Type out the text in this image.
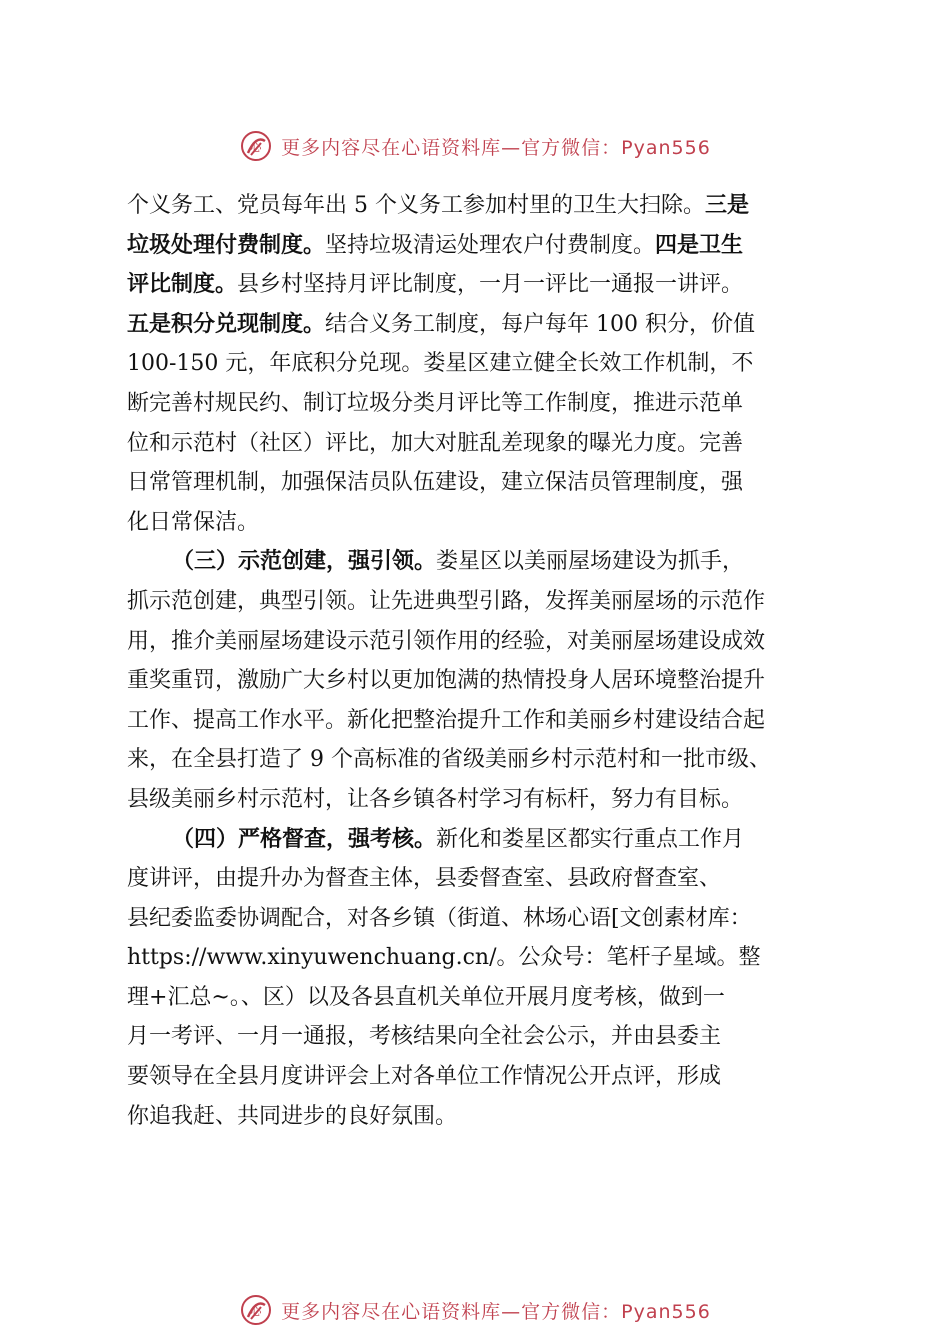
心 更多内容尽在心语资料库—官方微信：Pyan556
个义务工、党员每年出 5 个义务工参加村里的卫生大扫除。三是
垃圾处理付费制度。坚持垃圾清运处理农户付费制度。四是卫生
评比制度。县乡村坚持月评比制度，一月一评比一通报一讲评。
五是积分兑现制度。结合义务工制度，每户每年 100 积分，价值
100-150 元，年底积分兑现。娄星区建立健全长效工作机制，不
断完善村规民约、制订垃圾分类月评比等工作制度，推进示范单
位和示范村（社区）评比，加大对脏乱差现象的曝光力度。完善
日常管理机制，加强保洁员队伍建设，建立保洁员管理制度，强
化日常保洁。
（三）示范创建，强引领。娄星区以美丽屋场建设为抓手，
抓示范创建，典型引领。让先进典型引路，发挥美丽屋场的示范作
用，推介美丽屋场建设示范引领作用的经验，对美丽屋场建设成效
重奖重罚，激励广大乡村以更加饱满的热情投身人居环境整治提升
工作、提高工作水平。新化把整治提升工作和美丽乡村建设结合起
来，在全县打造了 9 个高标准的省级美丽乡村示范村和一批市级、
县级美丽乡村示范村，让各乡镇各村学习有标杆，努力有目标。
（四）严格督查，强考核。新化和娄星区都实行重点工作月
度讲评，由提升办为督查主体，县委督查室、县政府督查室、
县纪委监委协调配合，对各乡镇（街道、林场心语[文创素材库：
https://www.xinyuwenchuang.cn/。公众号：笔杆子星域。整
理+汇总~。、区）以及各县直机关单位开展月度考核，做到一
月一考评、一月一通报，考核结果向全社会公示，并由县委主
要领导在全县月度讲评会上对各单位工作情况公开点评，形成
你追我赶、共同进步的良好氛围。
心 更多内容尽在心语资料库—官方微信：Pyan556
